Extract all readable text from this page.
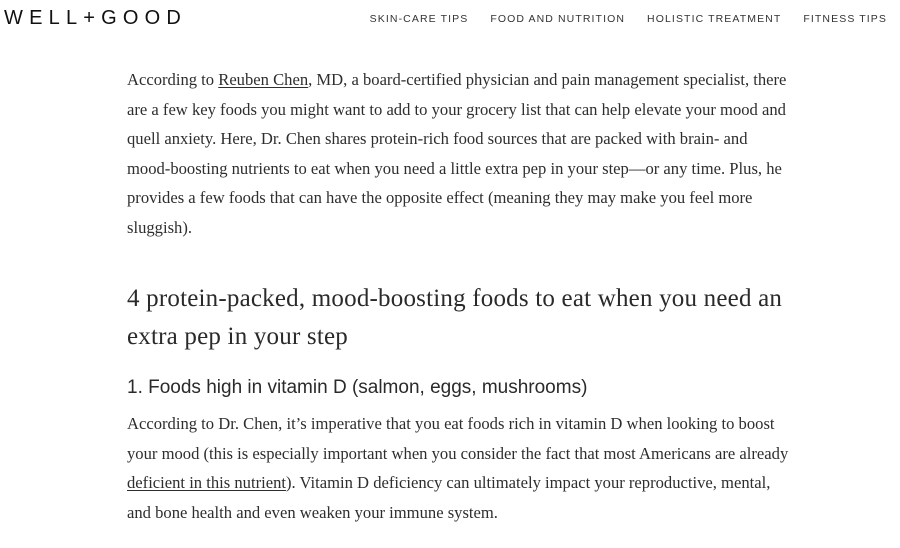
WELL+GOOD	SKIN-CARE TIPS FOOD AND NUTRITION HOLISTIC TREATMENT FITNESS TIPS

According to Reuben Chen, MD, a board-certified physician and pain management specialist, there are a few key foods you might want to add to your grocery list that can help elevate your mood and quell anxiety. Here, Dr. Chen shares protein-rich food sources that are packed with brain- and mood-boosting nutrients to eat when you need a little extra pep in your step—or any time. Plus, he provides a few foods that can have the opposite effect (meaning they may make you feel more sluggish).

4 protein-packed, mood-boosting foods to eat when you need an extra pep in your step
1. Foods high in vitamin D (salmon, eggs, mushrooms)

According to Dr. Chen, it’s imperative that you eat foods rich in vitamin D when looking to boost your mood (this is especially important when you consider the fact that most Americans are already deficient in this nutrient). Vitamin D deficiency can ultimately impact your reproductive, mental, and bone health and even weaken your immune system.
